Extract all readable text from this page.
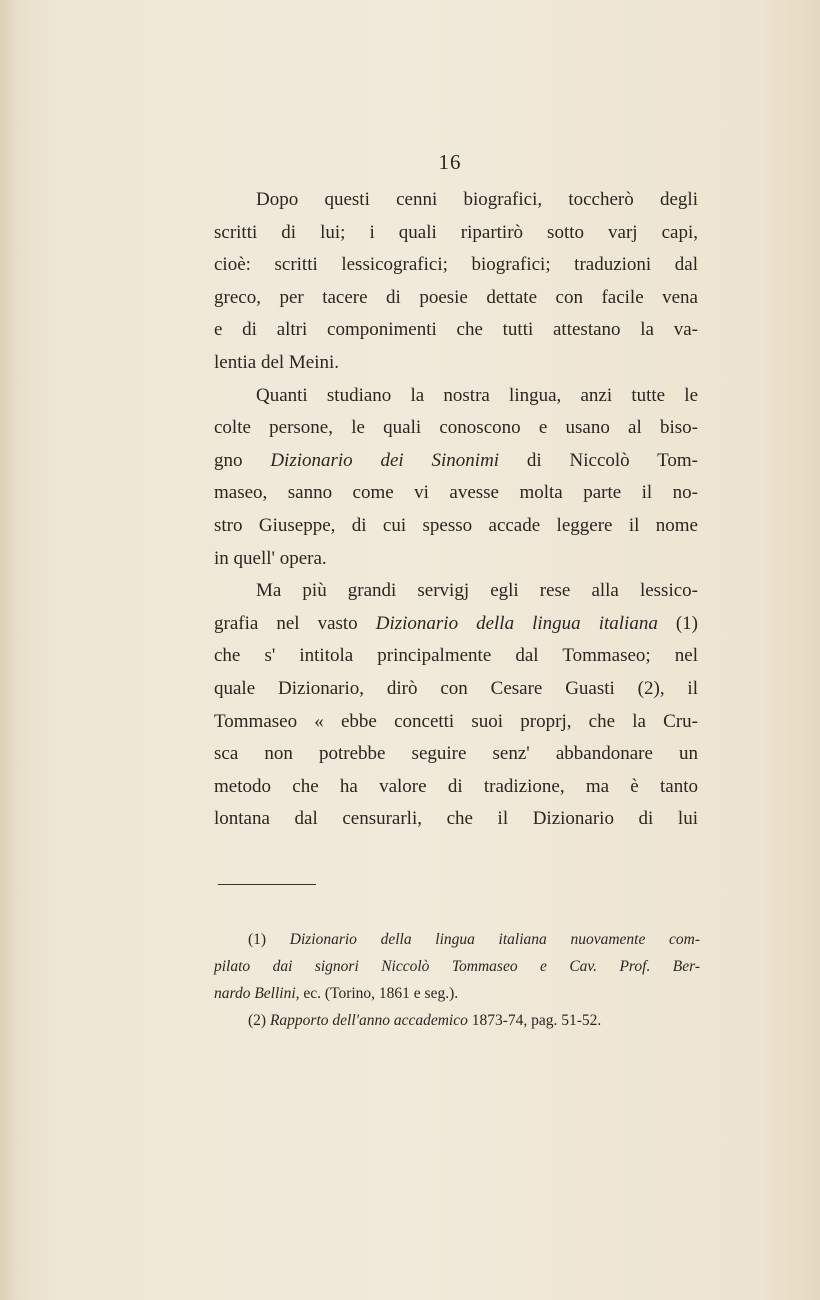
16
Dopo questi cenni biografici, toccherò degli
scritti di lui; i quali ripartirò sotto varj capi,
cioè: scritti lessicografici; biografici; traduzioni dal
greco, per tacere di poesie dettate con facile vena
e di altri componimenti che tutti attestano la va-
lentia del Meini.
Quanti studiano la nostra lingua, anzi tutte le
colte persone, le quali conoscono e usano al biso-
gno Dizionario dei Sinonimi di Niccolò Tom-
maseo, sanno come vi avesse molta parte il no-
stro Giuseppe, di cui spesso accade leggere il nome
in quell' opera.
Ma più grandi servigj egli rese alla lessico-
grafia nel vasto Dizionario della lingua italiana (1)
che s' intitola principalmente dal Tommaseo; nel
quale Dizionario, dirò con Cesare Guasti (2), il
Tommaseo « ebbe concetti suoi proprj, che la Cru-
sca non potrebbe seguire senz' abbandonare un
metodo che ha valore di tradizione, ma è tanto
lontana dal censurarli, che il Dizionario di lui
(1) Dizionario della lingua italiana nuovamente com-
pilato dai signori Niccolò Tommaseo e Cav. Prof. Ber-
nardo Bellini, ec. (Torino, 1861 e seg.).
(2) Rapporto dell'anno accademico 1873-74, pag. 51-52.
